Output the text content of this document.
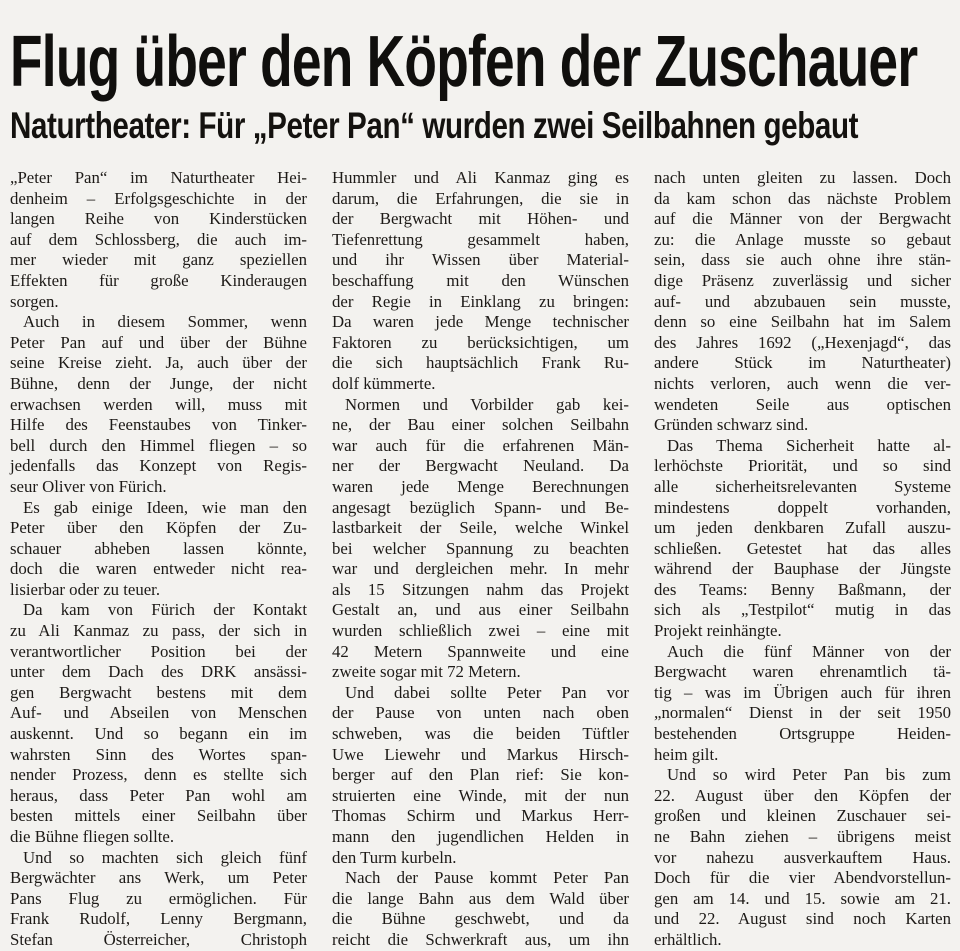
Flug über den Köpfen der Zuschauer
Naturtheater: Für „Peter Pan“ wurden zwei Seilbahnen gebaut

„Peter Pan“ im Naturtheater Hei-
denheim – Erfolgsgeschichte in der
langen Reihe von Kinderstücken
auf dem Schlossberg, die auch im-
mer wieder mit ganz speziellen
Effekten für große Kinderaugen
sorgen.

Auch in diesem Sommer, wenn
Peter Pan auf und über der Bühne
seine Kreise zieht. Ja, auch über der
Bühne, denn der Junge, der nicht
erwachsen werden will, muss mit
Hilfe des Feenstaubes von Tinker-
bell durch den Himmel fliegen – so
jedenfalls das Konzept von Regis-
seur Oliver von Fürich.

Es gab einige Ideen, wie man den
Peter über den Köpfen der Zu-
schauer abheben lassen könnte,
doch die waren entweder nicht rea-
lisierbar oder zu teuer.

Da kam von Fürich der Kontakt
zu Ali Kanmaz zu pass, der sich in
verantwortlicher Position bei der
unter dem Dach des DRK ansässi-
gen Bergwacht bestens mit dem
Auf- und Abseilen von Menschen
auskennt. Und so begann ein im
wahrsten Sinn des Wortes span-
nender Prozess, denn es stellte sich
heraus, dass Peter Pan wohl am
besten mittels einer Seilbahn über
die Bühne fliegen sollte.

Und so machten sich gleich fünf
Bergwächter ans Werk, um Peter
Pans Flug zu ermöglichen. Für
Frank Rudolf, Lenny Bergmann,
Stefan Österreicher, Christoph

Hummler und Ali Kanmaz ging es
darum, die Erfahrungen, die sie in
der Bergwacht mit Höhen- und
Tiefenrettung gesammelt haben,
und ihr Wissen über Material-
beschaffung mit den Wünschen
der Regie in Einklang zu bringen:
Da waren jede Menge technischer
Faktoren zu berücksichtigen, um
die sich hauptsächlich Frank Ru-
dolf kümmerte.

Normen und Vorbilder gab kei-
ne, der Bau einer solchen Seilbahn
war auch für die erfahrenen Män-
ner der Bergwacht Neuland. Da
waren jede Menge Berechnungen
angesagt bezüglich Spann- und Be-
lastbarkeit der Seile, welche Winkel
bei welcher Spannung zu beachten
war und dergleichen mehr. In mehr
als 15 Sitzungen nahm das Projekt
Gestalt an, und aus einer Seilbahn
wurden schließlich zwei – eine mit
42 Metern Spannweite und eine
zweite sogar mit 72 Metern.

Und dabei sollte Peter Pan vor
der Pause von unten nach oben
schweben, was die beiden Tüftler
Uwe Liewehr und Markus Hirsch-
berger auf den Plan rief: Sie kon-
struierten eine Winde, mit der nun
Thomas Schirm und Markus Herr-
mann den jugendlichen Helden in
den Turm kurbeln.

Nach der Pause kommt Peter Pan
die lange Bahn aus dem Wald über
die Bühne geschwebt, und da
reicht die Schwerkraft aus, um ihn

nach unten gleiten zu lassen. Doch
da kam schon das nächste Problem
auf die Männer von der Bergwacht
zu: die Anlage musste so gebaut
sein, dass sie auch ohne ihre stän-
dige Präsenz zuverlässig und sicher
auf- und abzubauen sein musste,
denn so eine Seilbahn hat im Salem
des Jahres 1692 („Hexenjagd“, das
andere Stück im Naturtheater)
nichts verloren, auch wenn die ver-
wendeten Seile aus optischen
Gründen schwarz sind.

Das Thema Sicherheit hatte al-
lerhöchste Priorität, und so sind
alle sicherheitsrelevanten Systeme
mindestens doppelt vorhanden,
um jeden denkbaren Zufall auszu-
schließen. Getestet hat das alles
während der Bauphase der Jüngste
des Teams: Benny Baßmann, der
sich als „Testpilot“ mutig in das
Projekt reinhängte.

Auch die fünf Männer von der
Bergwacht waren ehrenamtlich tä-
tig – was im Übrigen auch für ihren
„normalen“ Dienst in der seit 1950
bestehenden Ortsgruppe Heiden-
heim gilt.

Und so wird Peter Pan bis zum
22. August über den Köpfen der
großen und kleinen Zuschauer sei-
ne Bahn ziehen – übrigens meist
vor nahezu ausverkauftem Haus.
Doch für die vier Abendvorstellun-
gen am 14. und 15. sowie am 21.
und 22. August sind noch Karten
erhältlich.
